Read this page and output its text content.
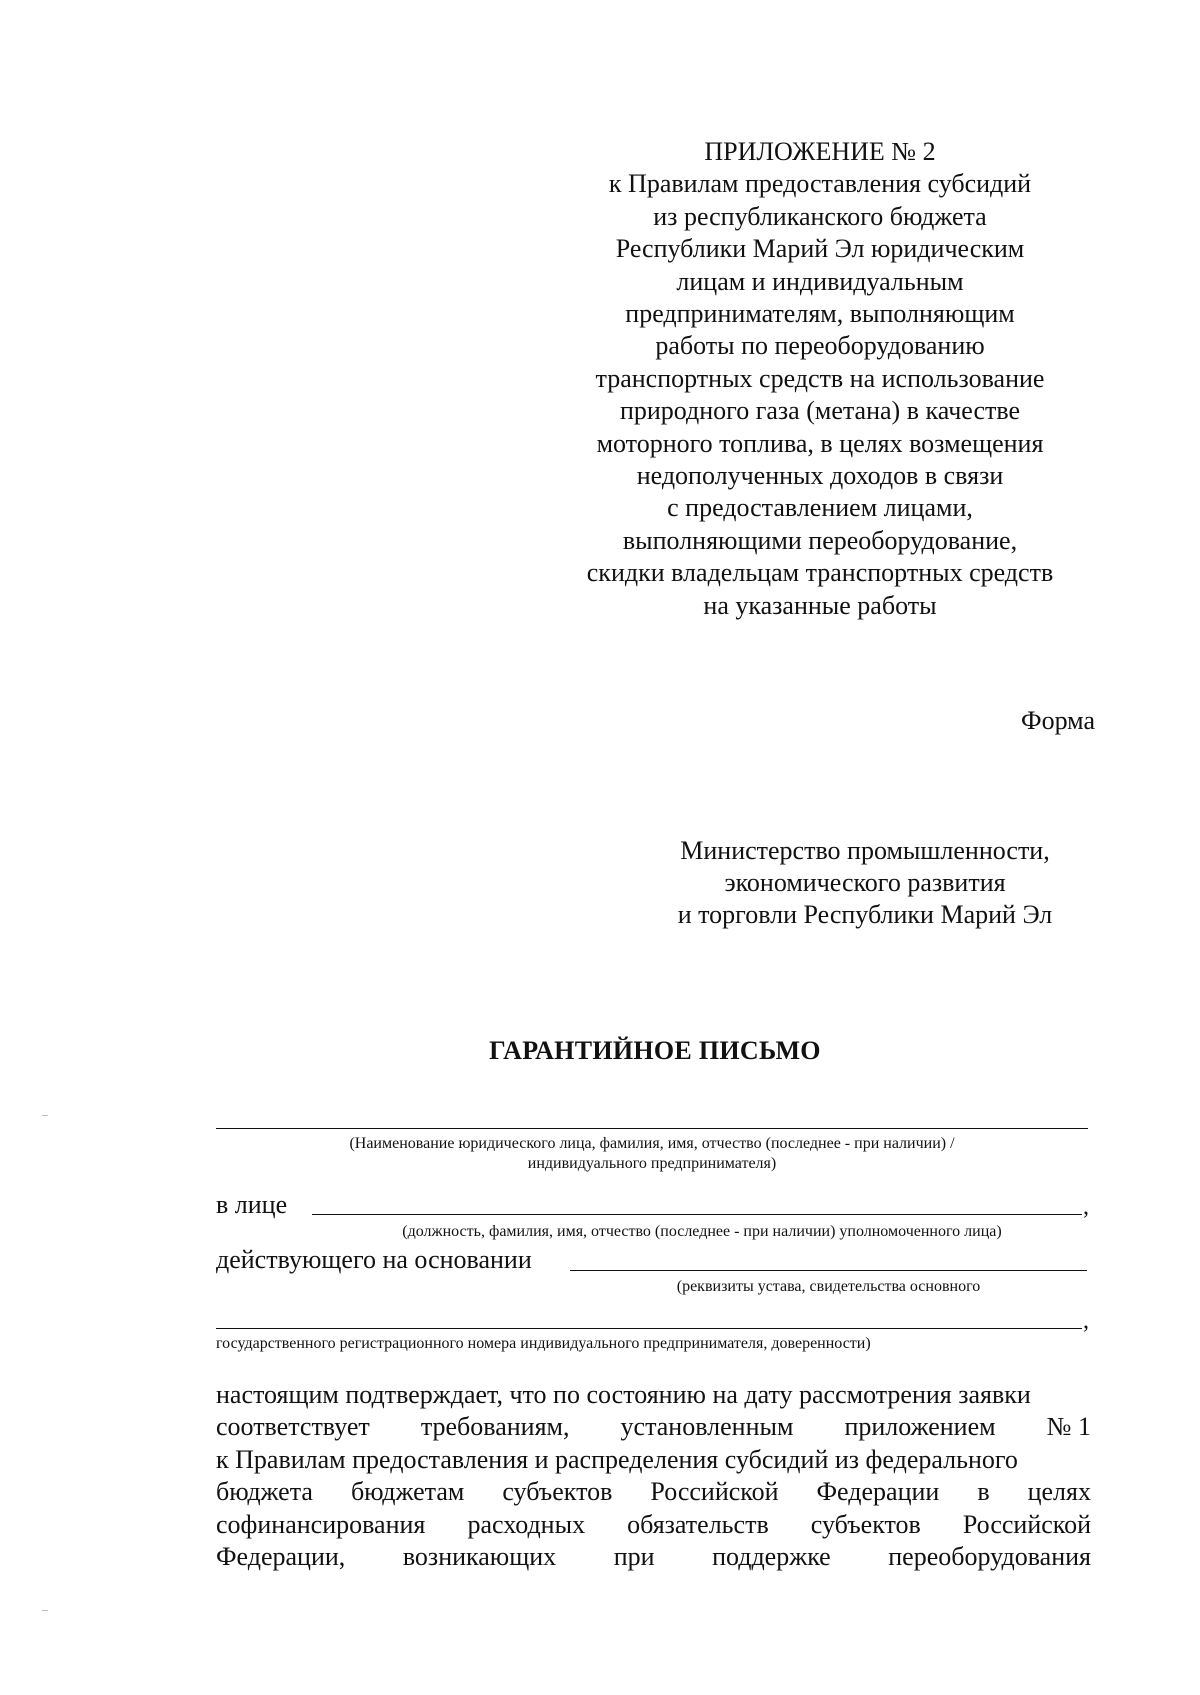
ПРИЛОЖЕНИЕ № 2
к Правилам предоставления субсидий
из республиканского бюджета
Республики Марий Эл юридическим
лицам и индивидуальным
предпринимателям, выполняющим
работы по переоборудованию
транспортных средств на использование
природного газа (метана) в качестве
моторного топлива, в целях возмещения
недополученных доходов в связи
с предоставлением лицами,
выполняющими переоборудование,
скидки владельцам транспортных средств
на указанные работы
Форма
Министерство промышленности,
экономического развития
и торговли Республики Марий Эл
ГАРАНТИЙНОЕ ПИСЬМО
(Наименование юридического лица, фамилия, имя, отчество (последнее - при наличии) /
индивидуального предпринимателя)
в лице	,
(должность, фамилия, имя, отчество (последнее - при наличии) уполномоченного лица)
действующего на основании
(реквизиты устава, свидетельства основного
,
государственного регистрационного номера индивидуального предпринимателя, доверенности)
настоящим подтверждает, что по состоянию на дату рассмотрения заявки
соответствует требованиям, установленным приложением № 1
к Правилам предоставления и распределения субсидий из федерального
бюджета бюджетам субъектов Российской Федерации в целях
софинансирования расходных обязательств субъектов Российской
Федерации, возникающих при поддержке переоборудования
